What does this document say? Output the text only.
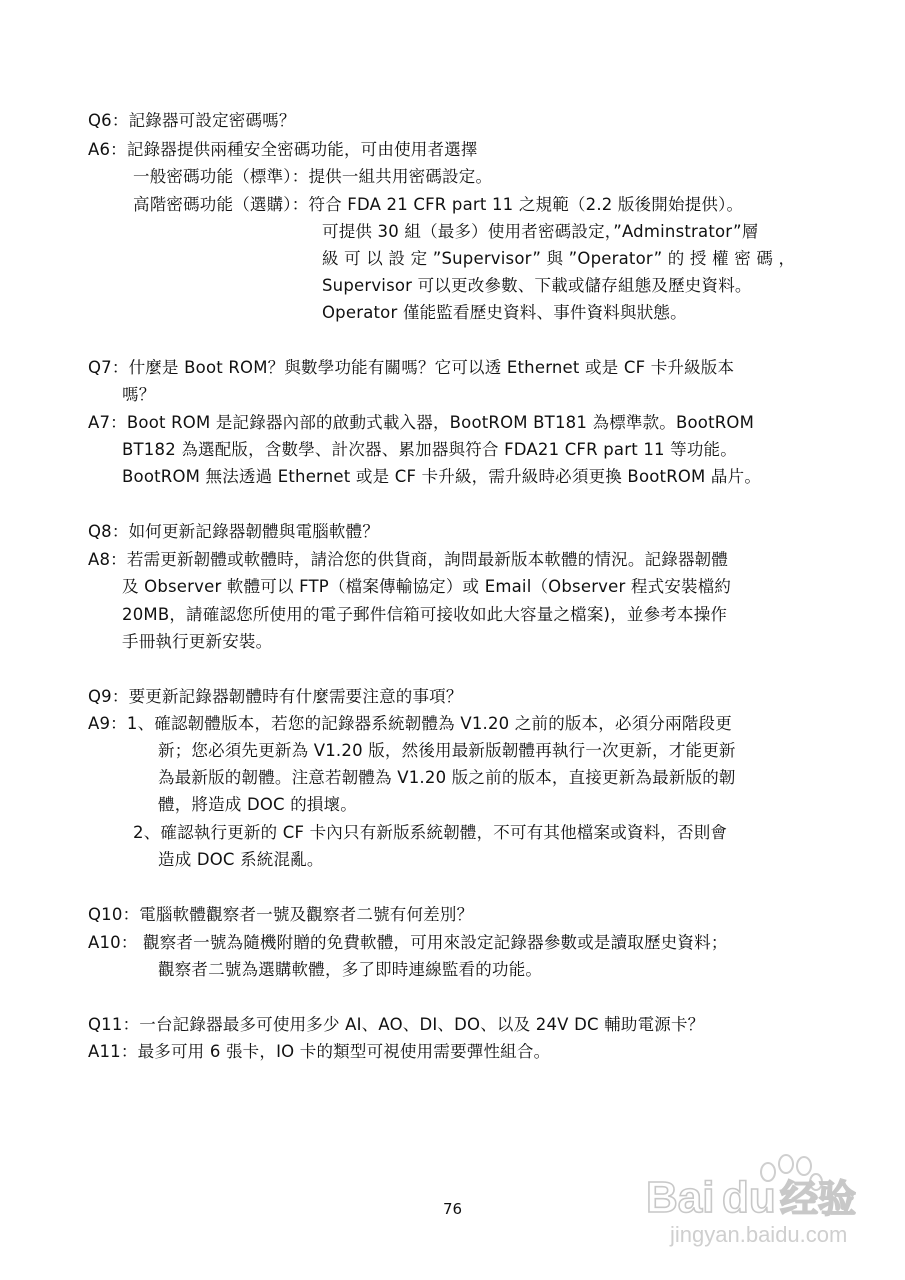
Q6：記錄器可設定密碼嗎？
A6：記錄器提供兩種安全密碼功能，可由使用者選擇
一般密碼功能（標準）：提供一組共用密碼設定。
高階密碼功能（選購）：符合 FDA 21 CFR part 11 之規範（2.2 版後開始提供）。
可提供 30 組（最多）使用者密碼設定，”Adminstrator”層
級 可 以 設 定 ”Supervisor” 與 ”Operator” 的 授 權 密 碼 ，
Supervisor 可以更改參數、下載或儲存組態及歷史資料。
Operator 僅能監看歷史資料、事件資料與狀態。
Q7：什麼是 Boot ROM？與數學功能有關嗎？它可以透 Ethernet 或是 CF 卡升級版本
嗎？
A7：Boot ROM 是記錄器內部的啟動式載入器，BootROM BT181 為標準款。BootROM
BT182 為選配版，含數學、計次器、累加器與符合 FDA21 CFR part 11 等功能。
BootROM 無法透過 Ethernet 或是 CF 卡升級，需升級時必須更換 BootROM 晶片。
Q8：如何更新記錄器韌體與電腦軟體？
A8：若需更新韌體或軟體時，請洽您的供貨商，詢問最新版本軟體的情況。記錄器韌體
及 Observer 軟體可以 FTP（檔案傳輸協定）或 Email（Observer 程式安裝檔約
20MB，請確認您所使用的電子郵件信箱可接收如此大容量之檔案)，並參考本操作
手冊執行更新安裝。
Q9：要更新記錄器韌體時有什麼需要注意的事項？
A9：1、確認韌體版本，若您的記錄器系統韌體為 V1.20 之前的版本，必須分兩階段更
新；您必須先更新為 V1.20 版，然後用最新版韌體再執行一次更新，才能更新
為最新版的韌體。注意若韌體為 V1.20 版之前的版本，直接更新為最新版的韌
體，將造成 DOC 的損壞。
2、確認執行更新的 CF 卡內只有新版系統韌體，不可有其他檔案或資料，否則會
造成 DOC 系統混亂。
Q10：電腦軟體觀察者一號及觀察者二號有何差別？
A10： 觀察者一號為隨機附贈的免費軟體，可用來設定記錄器參數或是讀取歷史資料；
觀察者二號為選購軟體，多了即時連線監看的功能。
Q11：一台記錄器最多可使用多少 AI、AO、DI、DO、以及 24V DC 輔助電源卡？
A11：最多可用 6 張卡，IO 卡的類型可視使用需要彈性組合。
76	Bai du 经验
jingyan.baidu.com
